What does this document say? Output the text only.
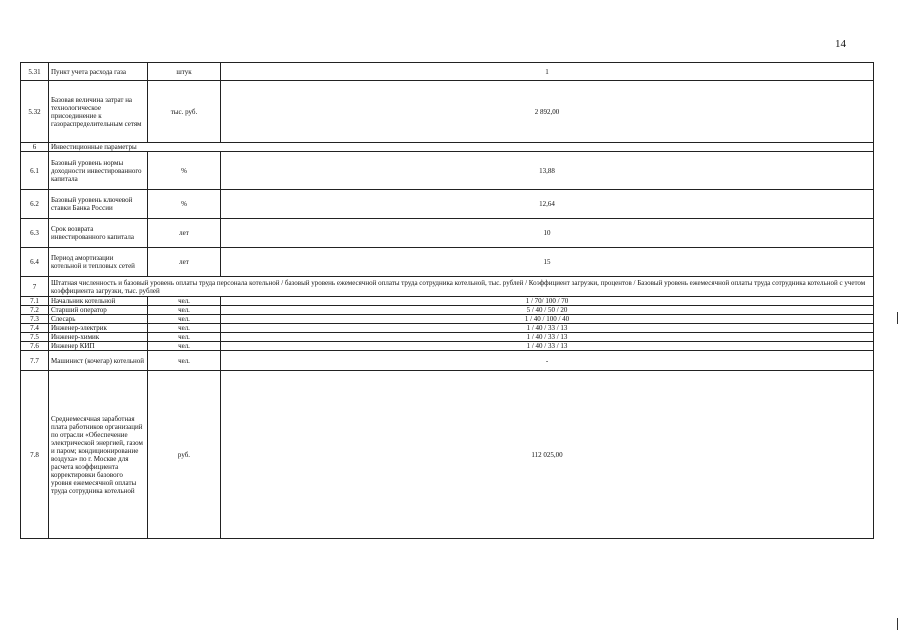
14
5.31	Пункт учета расхода газа	штук	1
5.32	Базовая величина затрат на технологическое присоединение к газораспределительным сетям	тыс. руб.	2 892,00
6	Инвестиционные параметры		
6.1	Базовый уровень нормы доходности инвестированного капитала	%	13,88
6.2	Базовый уровень ключевой ставки Банка России	%	12,64
6.3	Срок возврата инвестированного капитала	лет	10
6.4	Период амортизации котельной и тепловых сетей	лет	15
7	Штатная численность и базовый уровень оплаты труда персонала котельной / базовый уровень ежемесячной оплаты труда сотрудника котельной, тыс. рублей / Коэффициент загрузки, процентов / Базовый уровень ежемесячной оплаты труда сотрудника котельной с учетом коэффициента загрузки, тыс. рублей		
7.1	Начальник котельной	чел.	1 / 70/ 100 / 70
7.2	Старший оператор	чел.	5 / 40 / 50 / 20
7.3	Слесарь	чел.	1 / 40 / 100 / 40
7.4	Инженер-электрик	чел.	1 / 40 / 33 / 13
7.5	Инженер-химик	чел.	1 / 40 / 33 / 13
7.6	Инженер КИП	чел.	1 / 40 / 33 / 13
7.7	Машинист (кочегар) котельной	чел.	-
7.8	Среднемесячная заработная плата работников организаций по отрасли «Обеспечение электрической энергией, газом и паром; кондиционирование воздуха» по г. Москве для расчета коэффициента корректировки базового уровня ежемесячной оплаты труда сотрудника котельной	руб.	112 025,00
